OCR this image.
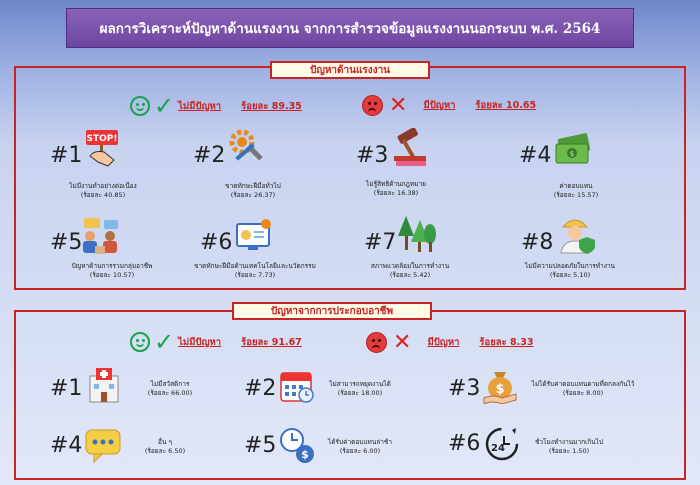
ผลการวิเคราะห์ปัญหาด้านแรงงาน จากการสำรวจข้อมูลแรงงานนอกระบบ พ.ศ. 2564
ปัญหาด้านแรงงาน
✓ ไม่มีปัญหา ร้อยละ 89.35	✕ มีปัญหา ร้อยละ 10.65
#1
STOP!
ไม่มีงานทำอย่างต่อเนื่อง
(ร้อยละ 40.85)
#2
ขาดทักษะฝีมือทั่วไป
(ร้อยละ 26.37)
#3
ไม่รู้สิทธิด้านกฎหมาย
(ร้อยละ 16.38)
#4	$
ค่าตอบแทน
(ร้อยละ 15.57)
#5
ปัญหาด้านการรวมกลุ่มอาชีพ
(ร้อยละ 10.57)
#6
ขาดทักษะฝีมือด้านเทคโนโลยีและนวัตกรรม
(ร้อยละ 7.73)
#7
สภาพแวดล้อมในการทำงาน
(ร้อยละ 5.42)
#8
ไม่มีความปลอดภัยในการทำงาน
(ร้อยละ 5.10)
ปัญหาจากการประกอบอาชีพ
✓ ไม่มีปัญหา ร้อยละ 91.67	✕ มีปัญหา ร้อยละ 8.33
#1	ไม่มีสวัสดิการ
(ร้อยละ 66.00)	#2	ไม่สามารถหยุดงานได้
(ร้อยละ 18.00)	#3 $	ไม่ได้รับค่าตอบแทนตามที่ตกลงกันไว้
(ร้อยละ 8.00)
#4	อื่น ๆ
(ร้อยละ 6.50)	#5 $
ได้รับค่าตอบแทนล่าช้า
(ร้อยละ 6.00)	#6 24
ชั่วโมงทำงานมากเกินไป
(ร้อยละ 1.50)
